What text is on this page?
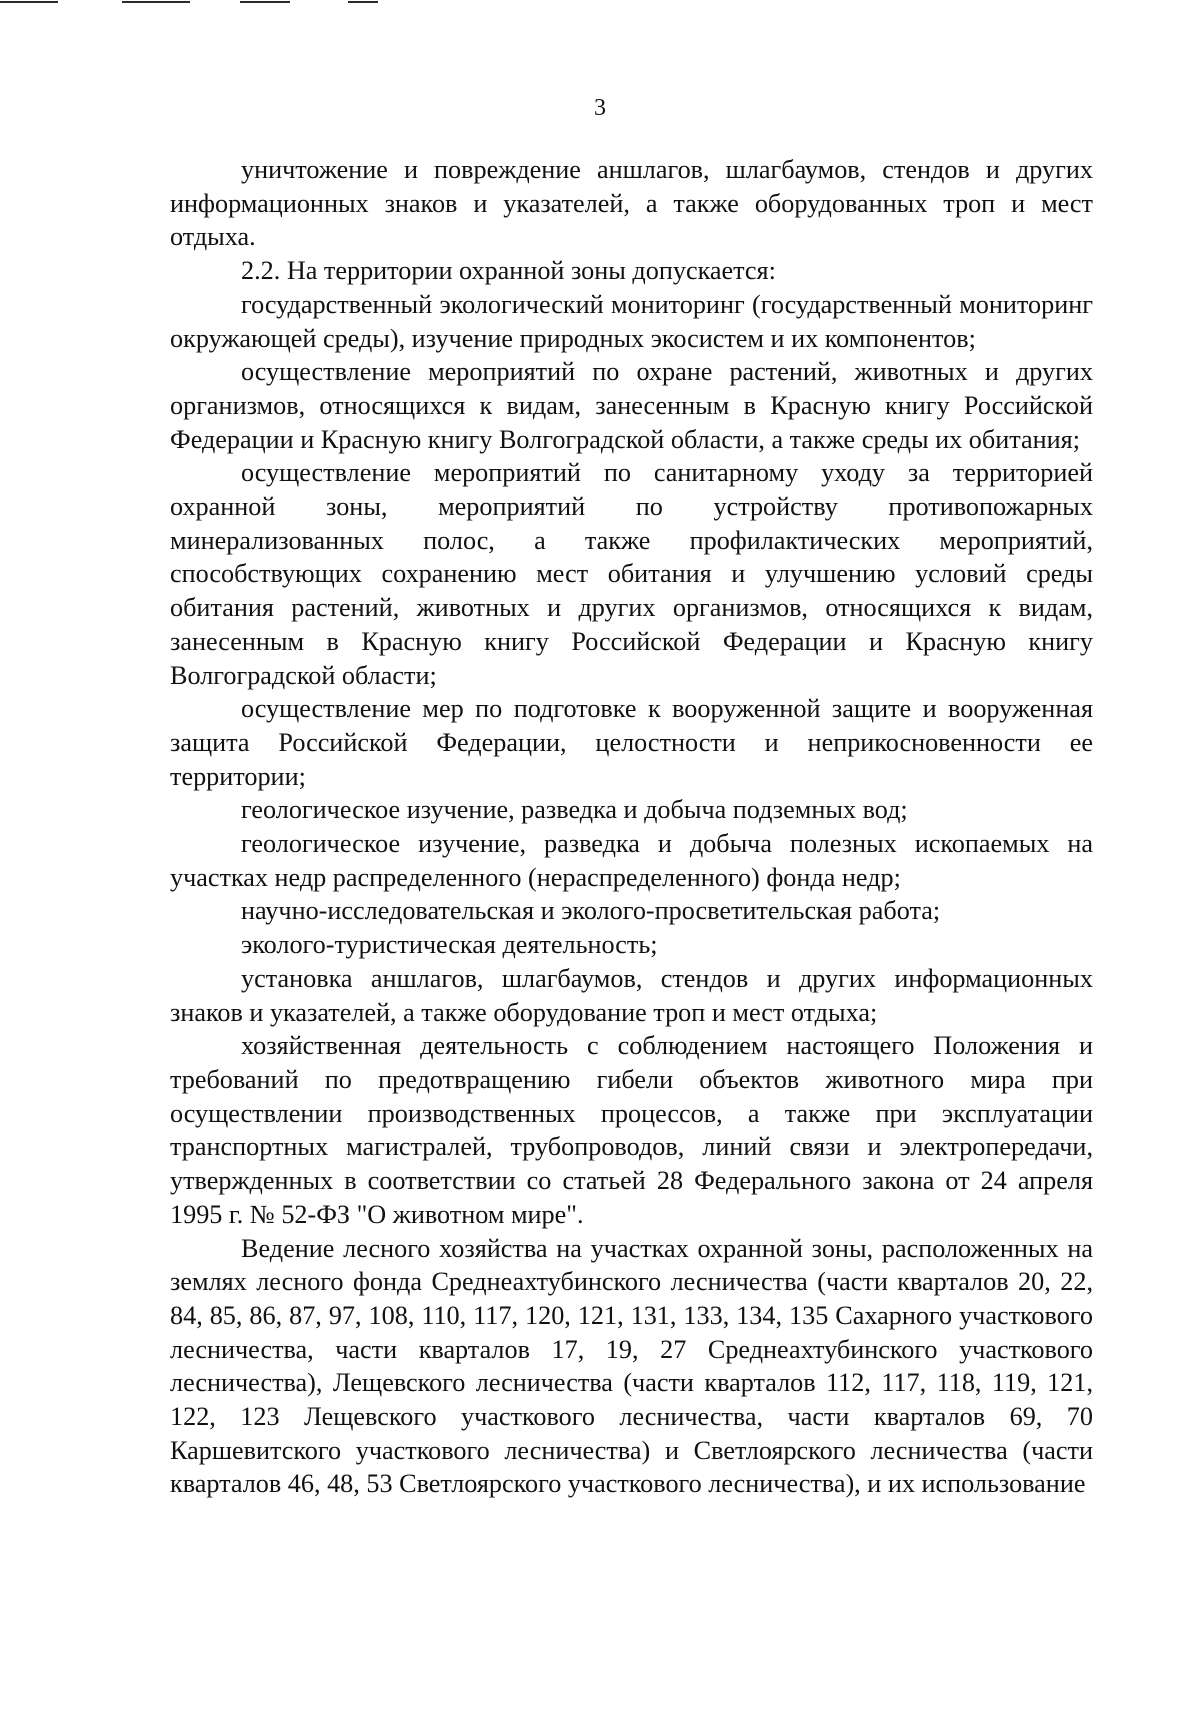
3

уничтожение и повреждение аншлагов, шлагбаумов, стендов и других информационных знаков и указателей, а также оборудованных троп и мест отдыха.

2.2. На территории охранной зоны допускается:

государственный экологический мониторинг (государственный мониторинг окружающей среды), изучение природных экосистем и их компонентов;

осуществление мероприятий по охране растений, животных и других организмов, относящихся к видам, занесенным в Красную книгу Российской Федерации и Красную книгу Волгоградской области, а также среды их обитания;

осуществление мероприятий по санитарному уходу за территорией охранной зоны, мероприятий по устройству противопожарных минерализованных полос, а также профилактических мероприятий, способствующих сохранению мест обитания и улучшению условий среды обитания растений, животных и других организмов, относящихся к видам, занесенным в Красную книгу Российской Федерации и Красную книгу Волгоградской области;

осуществление мер по подготовке к вооруженной защите и вооруженная защита Российской Федерации, целостности и неприкосновенности ее территории;

геологическое изучение, разведка и добыча подземных вод;

геологическое изучение, разведка и добыча полезных ископаемых на участках недр распределенного (нераспределенного) фонда недр;

научно-исследовательская и эколого-просветительская работа;

эколого-туристическая деятельность;

установка аншлагов, шлагбаумов, стендов и других информационных знаков и указателей, а также оборудование троп и мест отдыха;

хозяйственная деятельность с соблюдением настоящего Положения и требований по предотвращению гибели объектов животного мира при осуществлении производственных процессов, а также при эксплуатации транспортных магистралей, трубопроводов, линий связи и электропередачи, утвержденных в соответствии со статьей 28 Федерального закона от 24 апреля 1995 г. № 52-ФЗ "О животном мире".

Ведение лесного хозяйства на участках охранной зоны, расположенных на землях лесного фонда Среднеахтубинского лесничества (части кварталов 20, 22, 84, 85, 86, 87, 97, 108, 110, 117, 120, 121, 131, 133, 134, 135 Сахарного участкового лесничества, части кварталов 17, 19, 27 Среднеахтубинского участкового лесничества), Лещевского лесничества (части кварталов 112, 117, 118, 119, 121, 122, 123 Лещевского участкового лесничества, части кварталов 69, 70 Каршевитского участкового лесничества) и Светлоярского лесничества (части кварталов 46, 48, 53 Светлоярского участкового лесничества), и их использование
